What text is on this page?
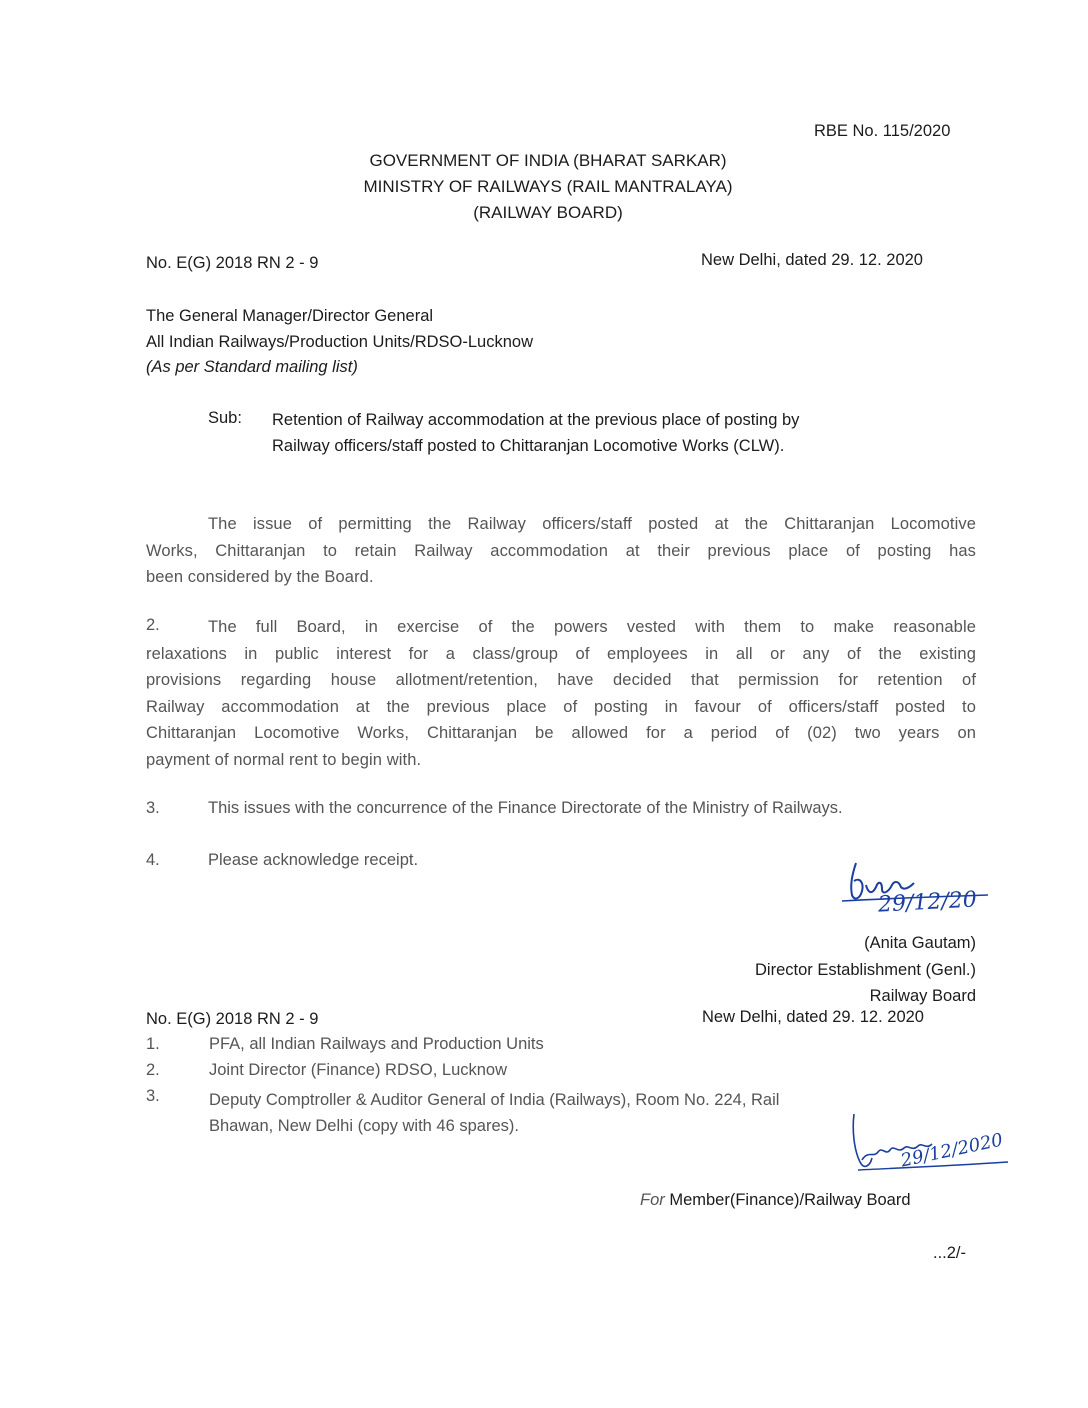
RBE No. 115/2020
GOVERNMENT OF INDIA (BHARAT SARKAR)
MINISTRY OF RAILWAYS (RAIL MANTRALAYA)
(RAILWAY BOARD)
No. E(G) 2018 RN 2 - 9	New Delhi, dated 29. 12. 2020
The General Manager/Director General
All Indian Railways/Production Units/RDSO-Lucknow
(As per Standard mailing list)
Sub: Retention of Railway accommodation at the previous place of posting by
Railway officers/staff posted to Chittaranjan Locomotive Works (CLW).
The issue of permitting the Railway officers/staff posted at the Chittaranjan Locomotive
Works, Chittaranjan to retain Railway accommodation at their previous place of posting has
been considered by the Board.
2.	The full Board, in exercise of the powers vested with them to make reasonable
relaxations in public interest for a class/group of employees in all or any of the existing
provisions regarding house allotment/retention, have decided that permission for retention of
Railway accommodation at the previous place of posting in favour of officers/staff posted to
Chittaranjan Locomotive Works, Chittaranjan be allowed for a period of (02) two years on
payment of normal rent to begin with.
3.	This issues with the concurrence of the Finance Directorate of the Ministry of Railways.
4.	Please acknowledge receipt.
29/12/20
(Anita Gautam)
Director Establishment (Genl.)
Railway Board
No. E(G) 2018 RN 2 - 9	New Delhi, dated 29. 12. 2020
1.	PFA, all Indian Railways and Production Units
2.	Joint Director (Finance) RDSO, Lucknow
3.	Deputy Comptroller & Auditor General of India (Railways), Room No. 224, Rail
Bhawan, New Delhi (copy with 46 spares).
29/12/2020
For Member(Finance)/Railway Board
...2/-
